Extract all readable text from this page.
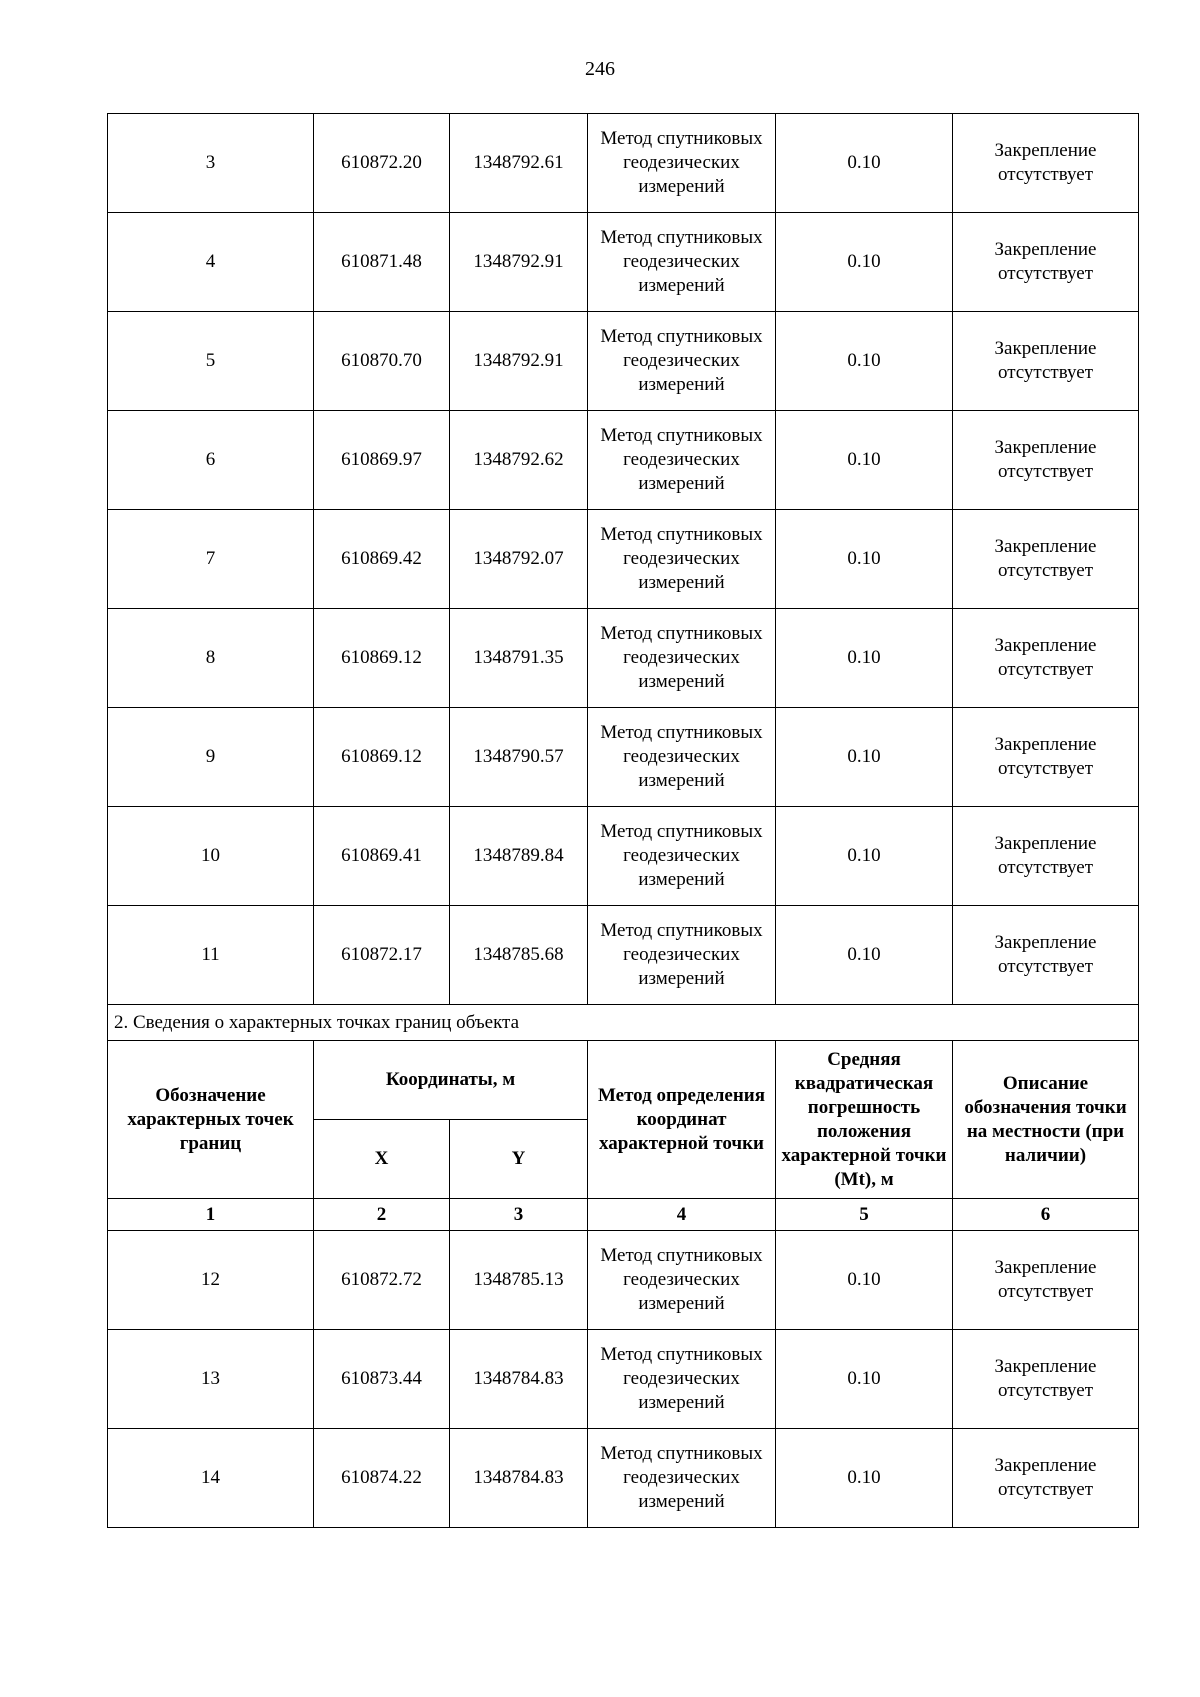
246
3	610872.20	1348792.61	Метод спутниковых геодезических измерений	0.10	Закрепление отсутствует
4	610871.48	1348792.91	Метод спутниковых геодезических измерений	0.10	Закрепление отсутствует
5	610870.70	1348792.91	Метод спутниковых геодезических измерений	0.10	Закрепление отсутствует
6	610869.97	1348792.62	Метод спутниковых геодезических измерений	0.10	Закрепление отсутствует
7	610869.42	1348792.07	Метод спутниковых геодезических измерений	0.10	Закрепление отсутствует
8	610869.12	1348791.35	Метод спутниковых геодезических измерений	0.10	Закрепление отсутствует
9	610869.12	1348790.57	Метод спутниковых геодезических измерений	0.10	Закрепление отсутствует
10	610869.41	1348789.84	Метод спутниковых геодезических измерений	0.10	Закрепление отсутствует
11	610872.17	1348785.68	Метод спутниковых геодезических измерений	0.10	Закрепление отсутствует
2. Сведения о характерных точках границ объекта					
Обозначение характерных точек границ	Координаты, м		Метод определения координат характерной точки	Средняя квадратическая погрешность положения характерной точки (Mt), м	Описание обозначения точки на местности (при наличии)
	X	Y			
1	2	3	4	5	6
12	610872.72	1348785.13	Метод спутниковых геодезических измерений	0.10	Закрепление отсутствует
13	610873.44	1348784.83	Метод спутниковых геодезических измерений	0.10	Закрепление отсутствует
14	610874.22	1348784.83	Метод спутниковых геодезических измерений	0.10	Закрепление отсутствует
